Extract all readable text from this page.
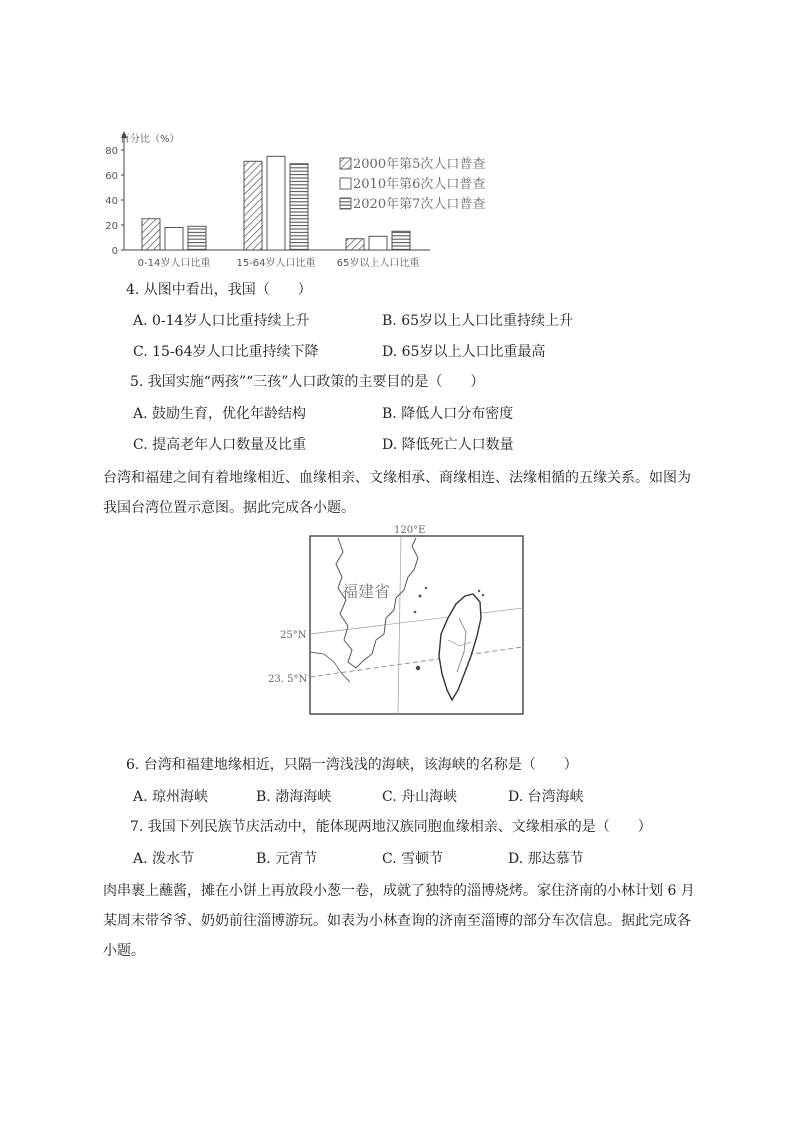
百分比（%）
80
60
40
20
0
0-14岁人口比重	15-64岁人口比重 65岁以上人口比重
2000年第5次人口普查
2010年第6次人口普查
2020年第7次人口普查
4. 从图中看出，我国（　　）
A. 0-14岁人口比重持续上升	B. 65岁以上人口比重持续上升
C. 15-64岁人口比重持续下降	D. 65岁以上人口比重最高
5. 我国实施“两孩”“三孩”人口政策的主要目的是（　　）
A. 鼓励生育，优化年龄结构	B. 降低人口分布密度
C. 提高老年人口数量及比重	D. 降低死亡人口数量
台湾和福建之间有着地缘相近、血缘相亲、文缘相承、商缘相连、法缘相循的五缘关系。如图为我国台湾位置示意图。据此完成各小题。
福建省
120°E
25°N
23. 5°N
6. 台湾和福建地缘相近，只隔一湾浅浅的海峡，该海峡的名称是（　　）
A. 琼州海峡	B. 渤海海峡	C. 舟山海峡	D. 台湾海峡
7. 我国下列民族节庆活动中，能体现两地汉族同胞血缘相亲、文缘相承的是（　　）
A. 泼水节	B. 元宵节	C. 雪顿节	D. 那达慕节
肉串裹上蘸酱，摊在小饼上再放段小葱一卷，成就了独特的淄博烧烤。家住济南的小林计划 6 月某周末带爷爷、奶奶前往淄博游玩。如表为小林查询的济南至淄博的部分车次信息。据此完成各小题。
